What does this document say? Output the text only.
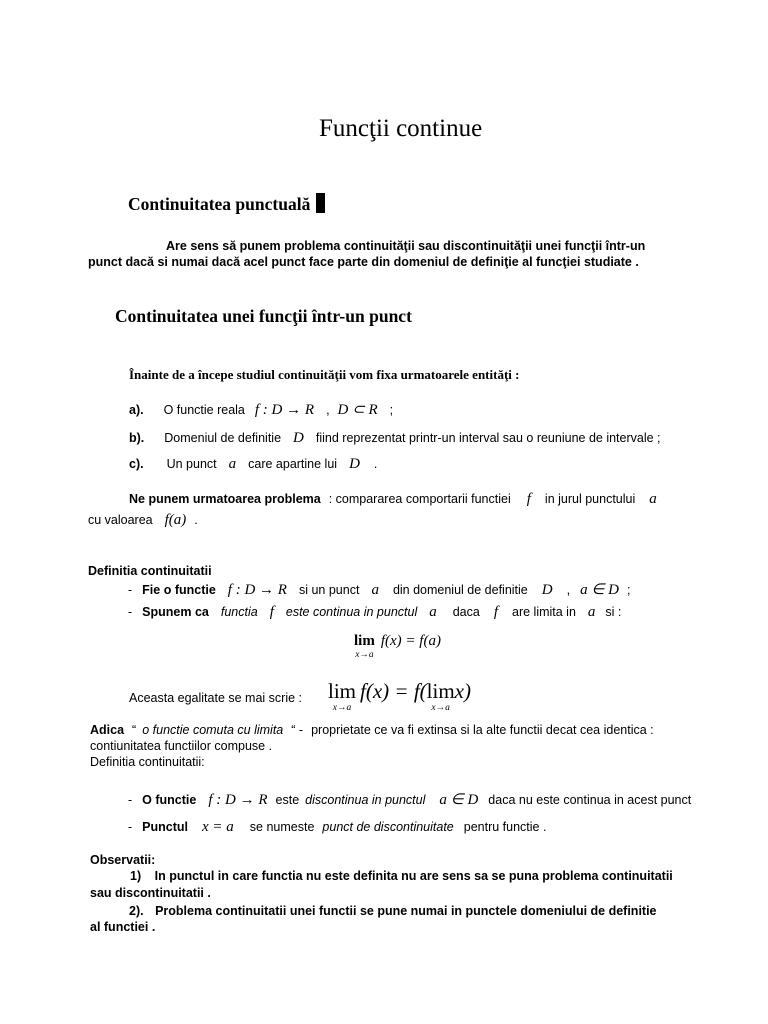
Funcţii continue
Continuitatea punctuală
Are sens să punem problema continuităţii sau discontinuităţii unei funcţii într-un
punct dacă si numai dacă acel punct face parte din domeniul de definiţie al funcţiei studiate .
Continuitatea unei funcţii într-un punct
Înainte de a începe studiul continuităţii vom fixa urmatoarele entităţi :
a). O functie reala f : D → R , D ⊂ R ;
b). Domeniul de definitie D fiind reprezentat printr-un interval sau o reuniune de intervale ;
c). Un punct a care apartine lui D .
Ne punem urmatoarea problema : compararea comportarii functiei f in jurul punctului a
cu valoarea f(a) .
Definitia continuitatii
- Fie o functie f : D → R si un punct a din domeniul de definitie D , a ∈ D ;
- Spunem ca functia f este continua in punctul a daca f are limita in a si :
lim
x→a
f(x) = f(a)
Aceasta egalitate se mai scrie : lim
x→a
f(x) = f( lim
x→a
x)
Adica “ o functie comuta cu limita “ - proprietate ce va fi extinsa si la alte functii decat cea identica :
contiunitatea functiilor compuse .
Definitia continuitatii:
- O functie f : D → R este discontinua in punctul a ∈ D daca nu este continua in acest punct
- Punctul x = a se numeste punct de discontinuitate pentru functie .
Observatii:
1) In punctul in care functia nu este definita nu are sens sa se puna problema continuitatii
sau discontinuitatii .
2). Problema continuitatii unei functii se pune numai in punctele domeniului de definitie
al functiei .
